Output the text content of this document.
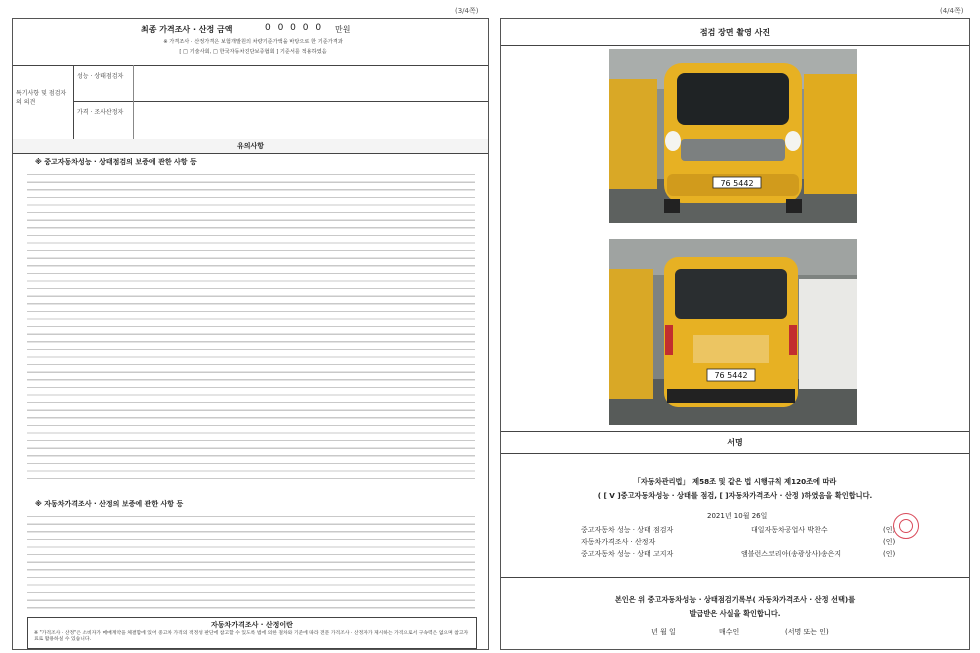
(3/4쪽)
최종 가격조사 · 산정 금액	0 0 0 0 0 만원
※ 가격조사 · 산정가격은 보험개발원의 차량기준가액을 바탕으로 한 기준가격과
[ □ 기술사회, □ 한국자동차진단보증협회 ] 기준서를 적용하였음
특기사항 및 점검자의 의견
성능 · 상태점검자
가격 · 조사산정자
유의사항
※ 중고자동차성능 · 상태점검의 보증에 관한 사항 등
※ 자동차가격조사 · 산정의 보증에 관한 사항 등
자동차가격조사 · 산정이란
※ "가격조사 · 산정"은 소비자가 매매계약을 체결함에 있어 중고차 가격의 적정성 판단에 참고할 수 있도록 법에 의한 절차와 기준에 따라 전문 가격조사 · 산정자가 제시하는 가격으로서 구속력은 없으며 참고자료로 활용하실 수 있습니다.
(4/4쪽)
점검 장면 촬영 사진
76 5442
76 5442
서명
「자동차관리법」 제58조 및 같은 법 시행규칙 제120조에 따라
( [ V ]중고자동차성능 · 상태를 점검, [ ]자동차가격조사 · 산정 )하였음을 확인합니다.
2021년 10월 26일
중고자동차 성능 · 상태 점검자	대일자동차공업사 박찬수	(인)
자동차가격조사 · 산정자	(인)
중고자동차 성능 · 상태 고지자	앰블런스코리아(송광상사)송은지	(인)
본인은 위 중고자동차성능 · 상태점검기록부( 자동차가격조사 · 산정 선택)를
발급받은 사실을 확인합니다.
년 월 일	매수인	(서명 또는 인)
